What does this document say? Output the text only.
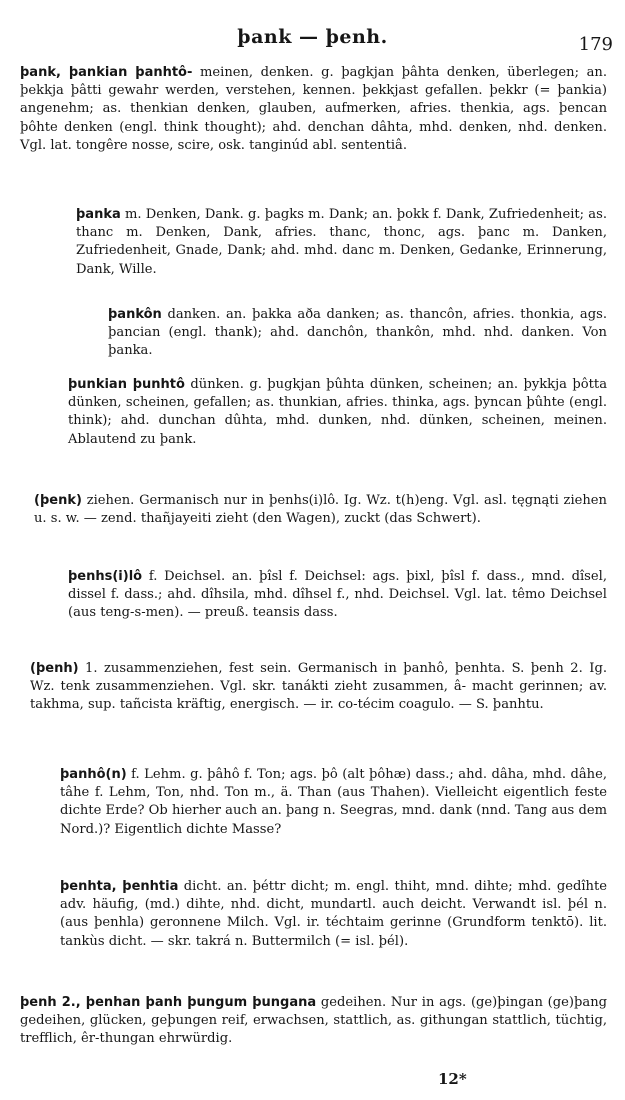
þank — þenh.	179
þank, þankian þanhtô- meinen, denken. g. þagkjan þâhta denken, überlegen; an. þekkja þâtti gewahr werden, verstehen, kennen. þekkjast gefallen. þekkr (= þankia) angenehm; as. thenkian denken, glauben, aufmerken, afries. thenkia, ags. þencan þôhte denken (engl. think thought); ahd. denchan dâhta, mhd. denken, nhd. denken. Vgl. lat. tongêre nosse, scire, osk. tanginúd abl. sententiâ.
þanka m. Denken, Dank. g. þagks m. Dank; an. þokk f. Dank, Zufriedenheit; as. thanc m. Denken, Dank, afries. thanc, thonc, ags. þanc m. Danken, Zufriedenheit, Gnade, Dank; ahd. mhd. danc m. Denken, Gedanke, Erinnerung, Dank, Wille.
þankôn danken. an. þakka aða danken; as. thancôn, afries. thonkia, ags. þancian (engl. thank); ahd. danchôn, thankôn, mhd. nhd. danken. Von þanka.
þunkian þunhtô dünken. g. þugkjan þûhta dünken, scheinen; an. þykkja þôtta dünken, scheinen, gefallen; as. thunkian, afries. thinka, ags. þyncan þûhte (engl. think); ahd. dunchan dûhta, mhd. dunken, nhd. dünken, scheinen, meinen. Ablautend zu þank.
(þenk) ziehen. Germanisch nur in þenhs(i)lô. Ig. Wz. t(h)eng. Vgl. asl. tęgnąti ziehen u. s. w. — zend. thañjayeiti zieht (den Wagen), zuckt (das Schwert).
þenhs(i)lô f. Deichsel. an. þîsl f. Deichsel: ags. þixl, þîsl f. dass., mnd. dîsel, dissel f. dass.; ahd. dîhsila, mhd. dîhsel f., nhd. Deichsel. Vgl. lat. têmo Deichsel (aus teng-s-men). — preuß. teansis dass.
(þenh) 1. zusammenziehen, fest sein. Germanisch in þanhô, þenhta. S. þenh 2. Ig. Wz. tenk zusammenziehen. Vgl. skr. tanákti zieht zusammen, â- macht gerinnen; av. takhma, sup. tañcista kräftig, energisch. — ir. co-técim coagulo. — S. þanhtu.
þanhô(n) f. Lehm. g. þâhô f. Ton; ags. þô (alt þôhæ) dass.; ahd. dâha, mhd. dâhe, tâhe f. Lehm, Ton, nhd. Ton m., ä. Than (aus Thahen). Vielleicht eigentlich feste dichte Erde? Ob hierher auch an. þang n. Seegras, mnd. dank (nnd. Tang aus dem Nord.)? Eigentlich dichte Masse?
þenhta, þenhtia dicht. an. þéttr dicht; m. engl. thiht, mnd. dihte; mhd. gedîhte adv. häufig, (md.) dihte, nhd. dicht, mundartl. auch deicht. Verwandt isl. þél n. (aus þenhla) geronnene Milch. Vgl. ir. téchtaim gerinne (Grundform tenktō). lit. tankùs dicht. — skr. takrá n. Buttermilch (= isl. þél).
þenh 2., þenhan þanh þungum þungana gedeihen. Nur in ags. (ge)þingan (ge)þang gedeihen, glücken, geþungen reif, erwachsen, stattlich, as. githungan stattlich, tüchtig, trefflich, êr-thungan ehrwürdig.
12*
